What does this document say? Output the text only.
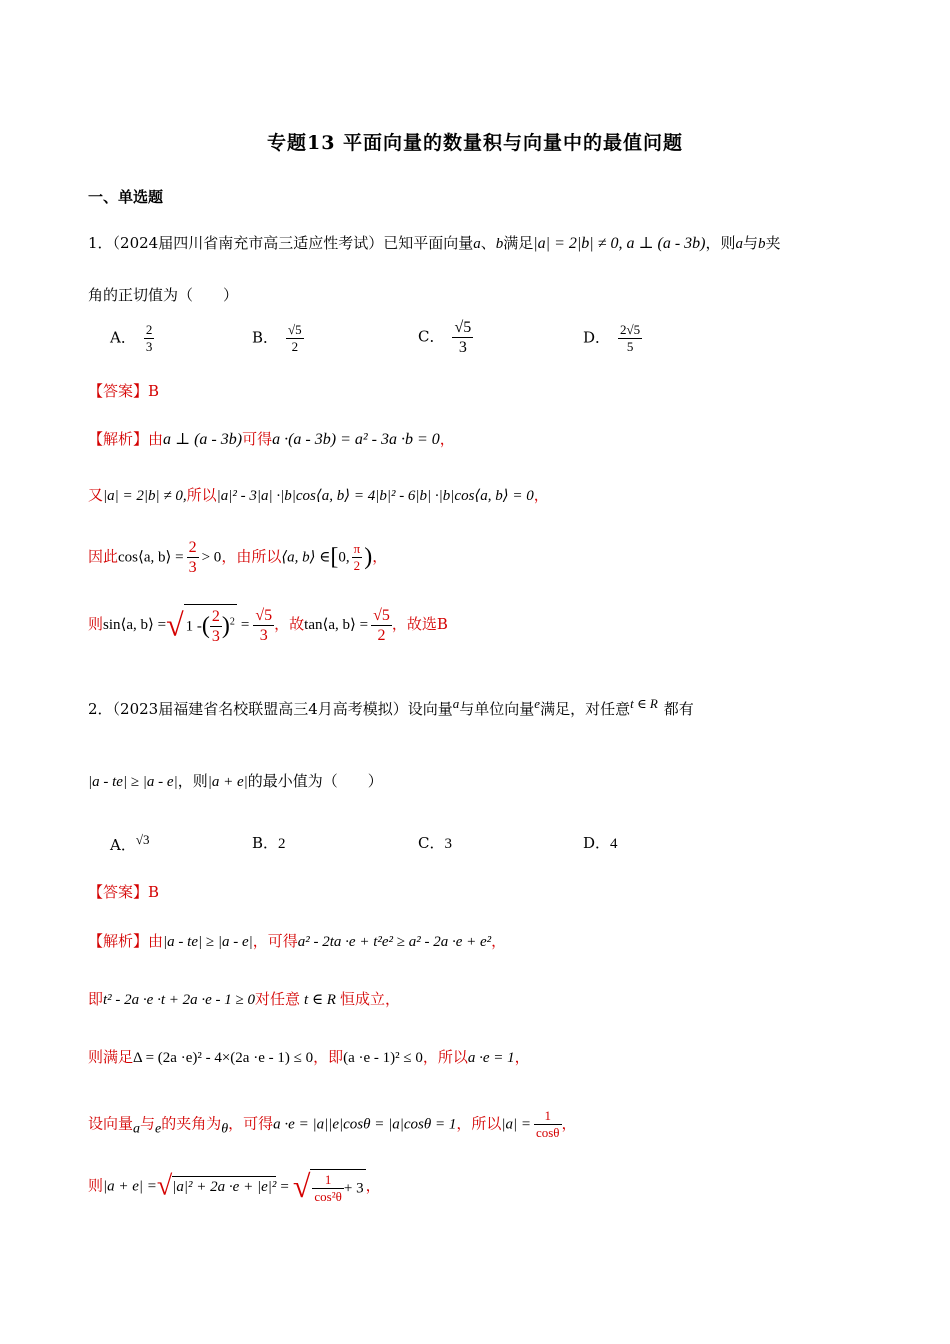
专题13 平面向量的数量积与向量中的最值问题
一、单选题
1．（2024届四川省南充市高三适应性考试）已知平面向量a、b满足|a| = 2|b| ≠ 0, a ⊥ (a - 3b)，则a与b夹
角的正切值为（　　）
A． $\frac{2}{3}$	B． $\frac{√5}{2}$	C． $\frac{√5}{3}$	D． $\frac{2√5}{5}$
【答案】B
【解析】由a ⊥ (a - 3b)可得a ·(a - 3b) = a² - 3a ·b = 0，
又|a| = 2|b| ≠ 0,所以|a|² - 3|a| ·|b|cos⟨a, b⟩ = 4|b|² - 6|b| ·|b|cos⟨a, b⟩ = 0，
因此cos⟨a, b⟩ = $\frac{2}{3} > 0$，由所以⟨a, b⟩ ∈[0, $\frac{\pi}{2}$ )，
则sin⟨a, b⟩ =√ 1 -( $\frac{2}{3} )^2 = \frac{√5}{3}$ ，故tan⟨a, b⟩ = $\frac{√5}{2}$ ，故选B
2．（2023届福建省名校联盟高三4月高考模拟）设向量$^a$与单位向量$^e$满足，对任意$^{t \in R}$ 都有
|a - te| ≥ |a - e|，则|a + e|的最小值为（　　）
A．$^{√3}$	B．2	C．3	D．4
【答案】B
【解析】由|a - te| ≥ |a - e|，可得a² - 2ta ·e + t²e² ≥ a² - 2a ·e + e²，
即t² - 2a ·e ·t + 2a ·e - 1 ≥ 0对任意 t ∈ R 恒成立，
则满足Δ = (2a ·e)² - 4×(2a ·e - 1) ≤ 0，即(a ·e - 1)² ≤ 0，所以a ·e = 1，
设向量$_a$与$_e$的夹角为$_\theta$，可得a ·e = |a||e|cosθ = |a|cosθ = 1，所以$|a| = \frac{1}{\cos\theta}$ ，
则|a + e| =√|a|² + 2a ·e + |e|² = √ $\frac{1}{\text{cos²θ}} + 3$ ，
